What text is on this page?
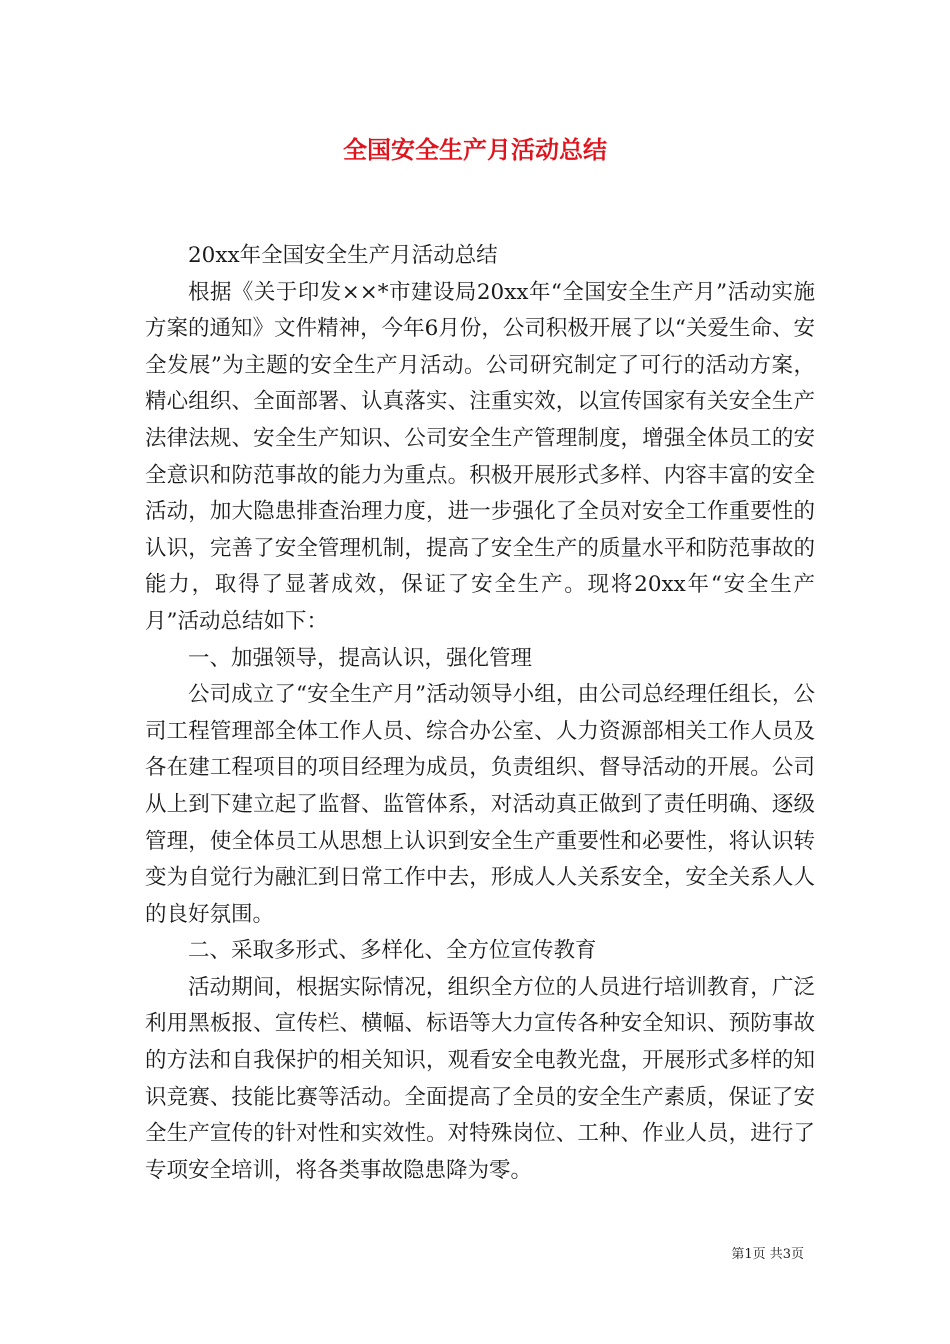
全国安全生产月活动总结

20xx年全国安全生产月活动总结

根据《关于印发××*市建设局20xx年“全国安全生产月”活动实施方案的通知》文件精神，今年6月份，公司积极开展了以“关爱生命、安全发展”为主题的安全生产月活动。公司研究制定了可行的活动方案，精心组织、全面部署、认真落实、注重实效，以宣传国家有关安全生产法律法规、安全生产知识、公司安全生产管理制度，增强全体员工的安全意识和防范事故的能力为重点。积极开展形式多样、内容丰富的安全活动，加大隐患排查治理力度，进一步强化了全员对安全工作重要性的认识，完善了安全管理机制，提高了安全生产的质量水平和防范事故的能力，取得了显著成效，保证了安全生产。现将20xx年“安全生产月”活动总结如下：

一、加强领导，提高认识，强化管理

公司成立了“安全生产月”活动领导小组，由公司总经理任组长，公司工程管理部全体工作人员、综合办公室、人力资源部相关工作人员及各在建工程项目的项目经理为成员，负责组织、督导活动的开展。公司从上到下建立起了监督、监管体系，对活动真正做到了责任明确、逐级管理，使全体员工从思想上认识到安全生产重要性和必要性，将认识转变为自觉行为融汇到日常工作中去，形成人人关系安全，安全关系人人的良好氛围。

二、采取多形式、多样化、全方位宣传教育

活动期间，根据实际情况，组织全方位的人员进行培训教育，广泛利用黑板报、宣传栏、横幅、标语等大力宣传各种安全知识、预防事故的方法和自我保护的相关知识，观看安全电教光盘，开展形式多样的知识竞赛、技能比赛等活动。全面提高了全员的安全生产素质，保证了安全生产宣传的针对性和实效性。对特殊岗位、工种、作业人员，进行了专项安全培训，将各类事故隐患降为零。

第1页 共3页
